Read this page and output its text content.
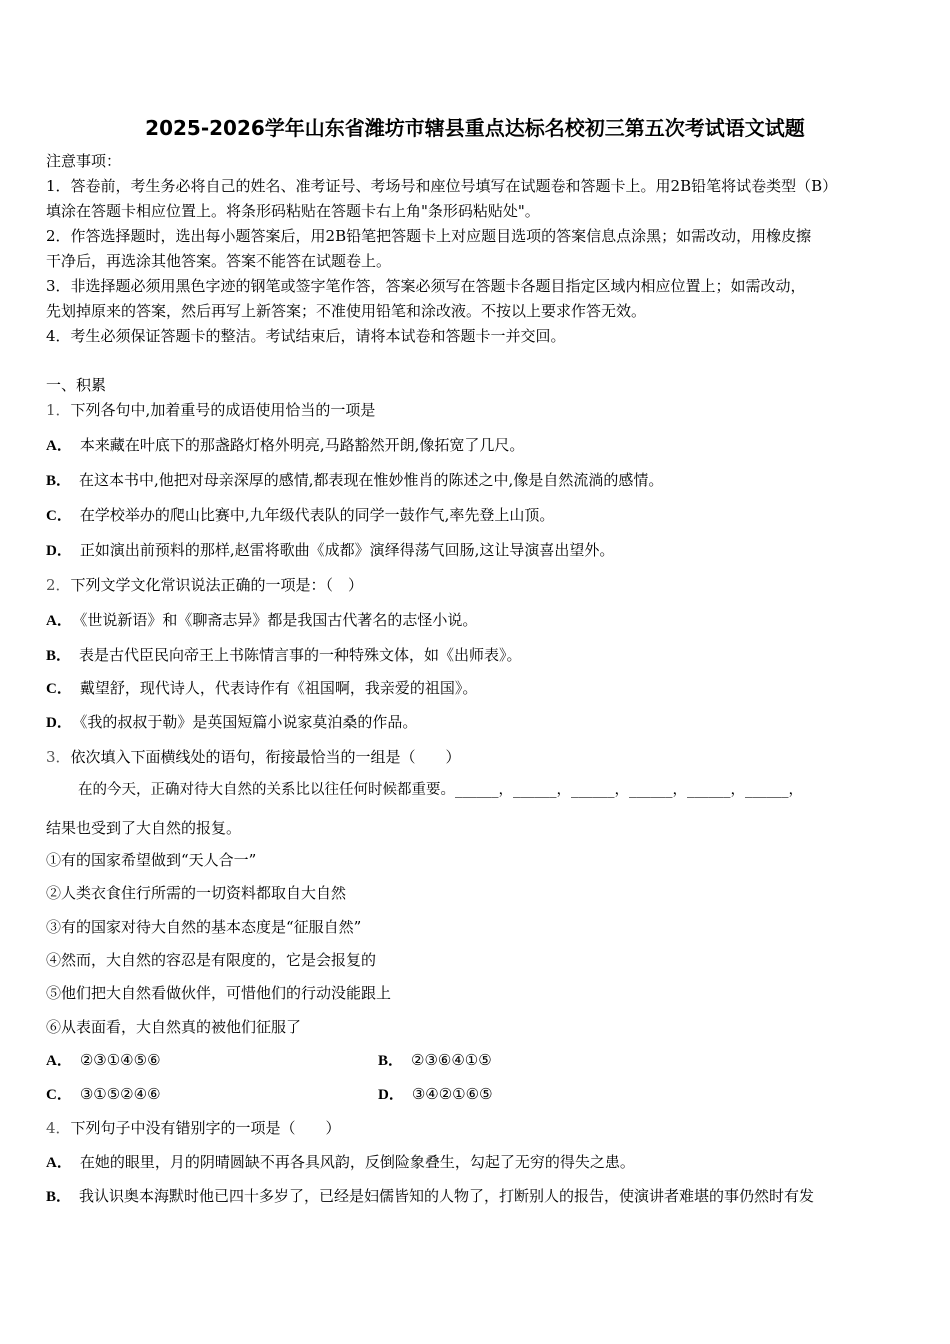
2025-2026学年山东省潍坊市辖县重点达标名校初三第五次考试语文试题
注意事项：
1．答卷前，考生务必将自己的姓名、准考证号、考场号和座位号填写在试题卷和答题卡上。用2B铅笔将试卷类型（B）
填涂在答题卡相应位置上。将条形码粘贴在答题卡右上角"条形码粘贴处"。
2．作答选择题时，选出每小题答案后，用2B铅笔把答题卡上对应题目选项的答案信息点涂黑；如需改动，用橡皮擦
干净后，再选涂其他答案。答案不能答在试题卷上。
3．非选择题必须用黑色字迹的钢笔或签字笔作答，答案必须写在答题卡各题目指定区域内相应位置上；如需改动，
先划掉原来的答案，然后再写上新答案；不准使用铅笔和涂改液。不按以上要求作答无效。
4．考生必须保证答题卡的整洁。考试结束后，请将本试卷和答题卡一并交回。
一、积累
1．下列各句中,加着重号的成语使用恰当的一项是
A． 本来藏在叶底下的那盏路灯格外明亮,马路豁然开朗,像拓宽了几尺。
B． 在这本书中,他把对母亲深厚的感情,都表现在惟妙惟肖的陈述之中,像是自然流淌的感情。
C． 在学校举办的爬山比赛中,九年级代表队的同学一鼓作气,率先登上山顶。
D． 正如演出前预料的那样,赵雷将歌曲《成都》演绎得荡气回肠,这让导演喜出望外。
2．下列文学文化常识说法正确的一项是：（　）
A． 《世说新语》和《聊斋志异》都是我国古代著名的志怪小说。
B． 表是古代臣民向帝王上书陈情言事的一种特殊文体，如《出师表》。
C． 戴望舒，现代诗人，代表诗作有《祖国啊，我亲爱的祖国》。
D． 《我的叔叔于勒》是英国短篇小说家莫泊桑的作品。
3．依次填入下面横线处的语句，衔接最恰当的一组是（　　）
在的今天，正确对待大自然的关系比以往任何时候都重要。______，______，______，______，______，______，
结果也受到了大自然的报复。
①有的国家希望做到“天人合一”
②人类衣食住行所需的一切资料都取自大自然
③有的国家对待大自然的基本态度是“征服自然”
④然而，大自然的容忍是有限度的，它是会报复的
⑤他们把大自然看做伙伴，可惜他们的行动没能跟上
⑥从表面看，大自然真的被他们征服了
A． ②③①④⑤⑥	B． ②③⑥④①⑤
C． ③①⑤②④⑥	D． ③④②①⑥⑤
4．下列句子中没有错别字的一项是（　　）
A． 在她的眼里，月的阴晴圆缺不再各具风韵，反倒险象叠生，勾起了无穷的得失之患。
B． 我认识奥本海默时他已四十多岁了，已经是妇儒皆知的人物了，打断别人的报告，使演讲者难堪的事仍然时有发
